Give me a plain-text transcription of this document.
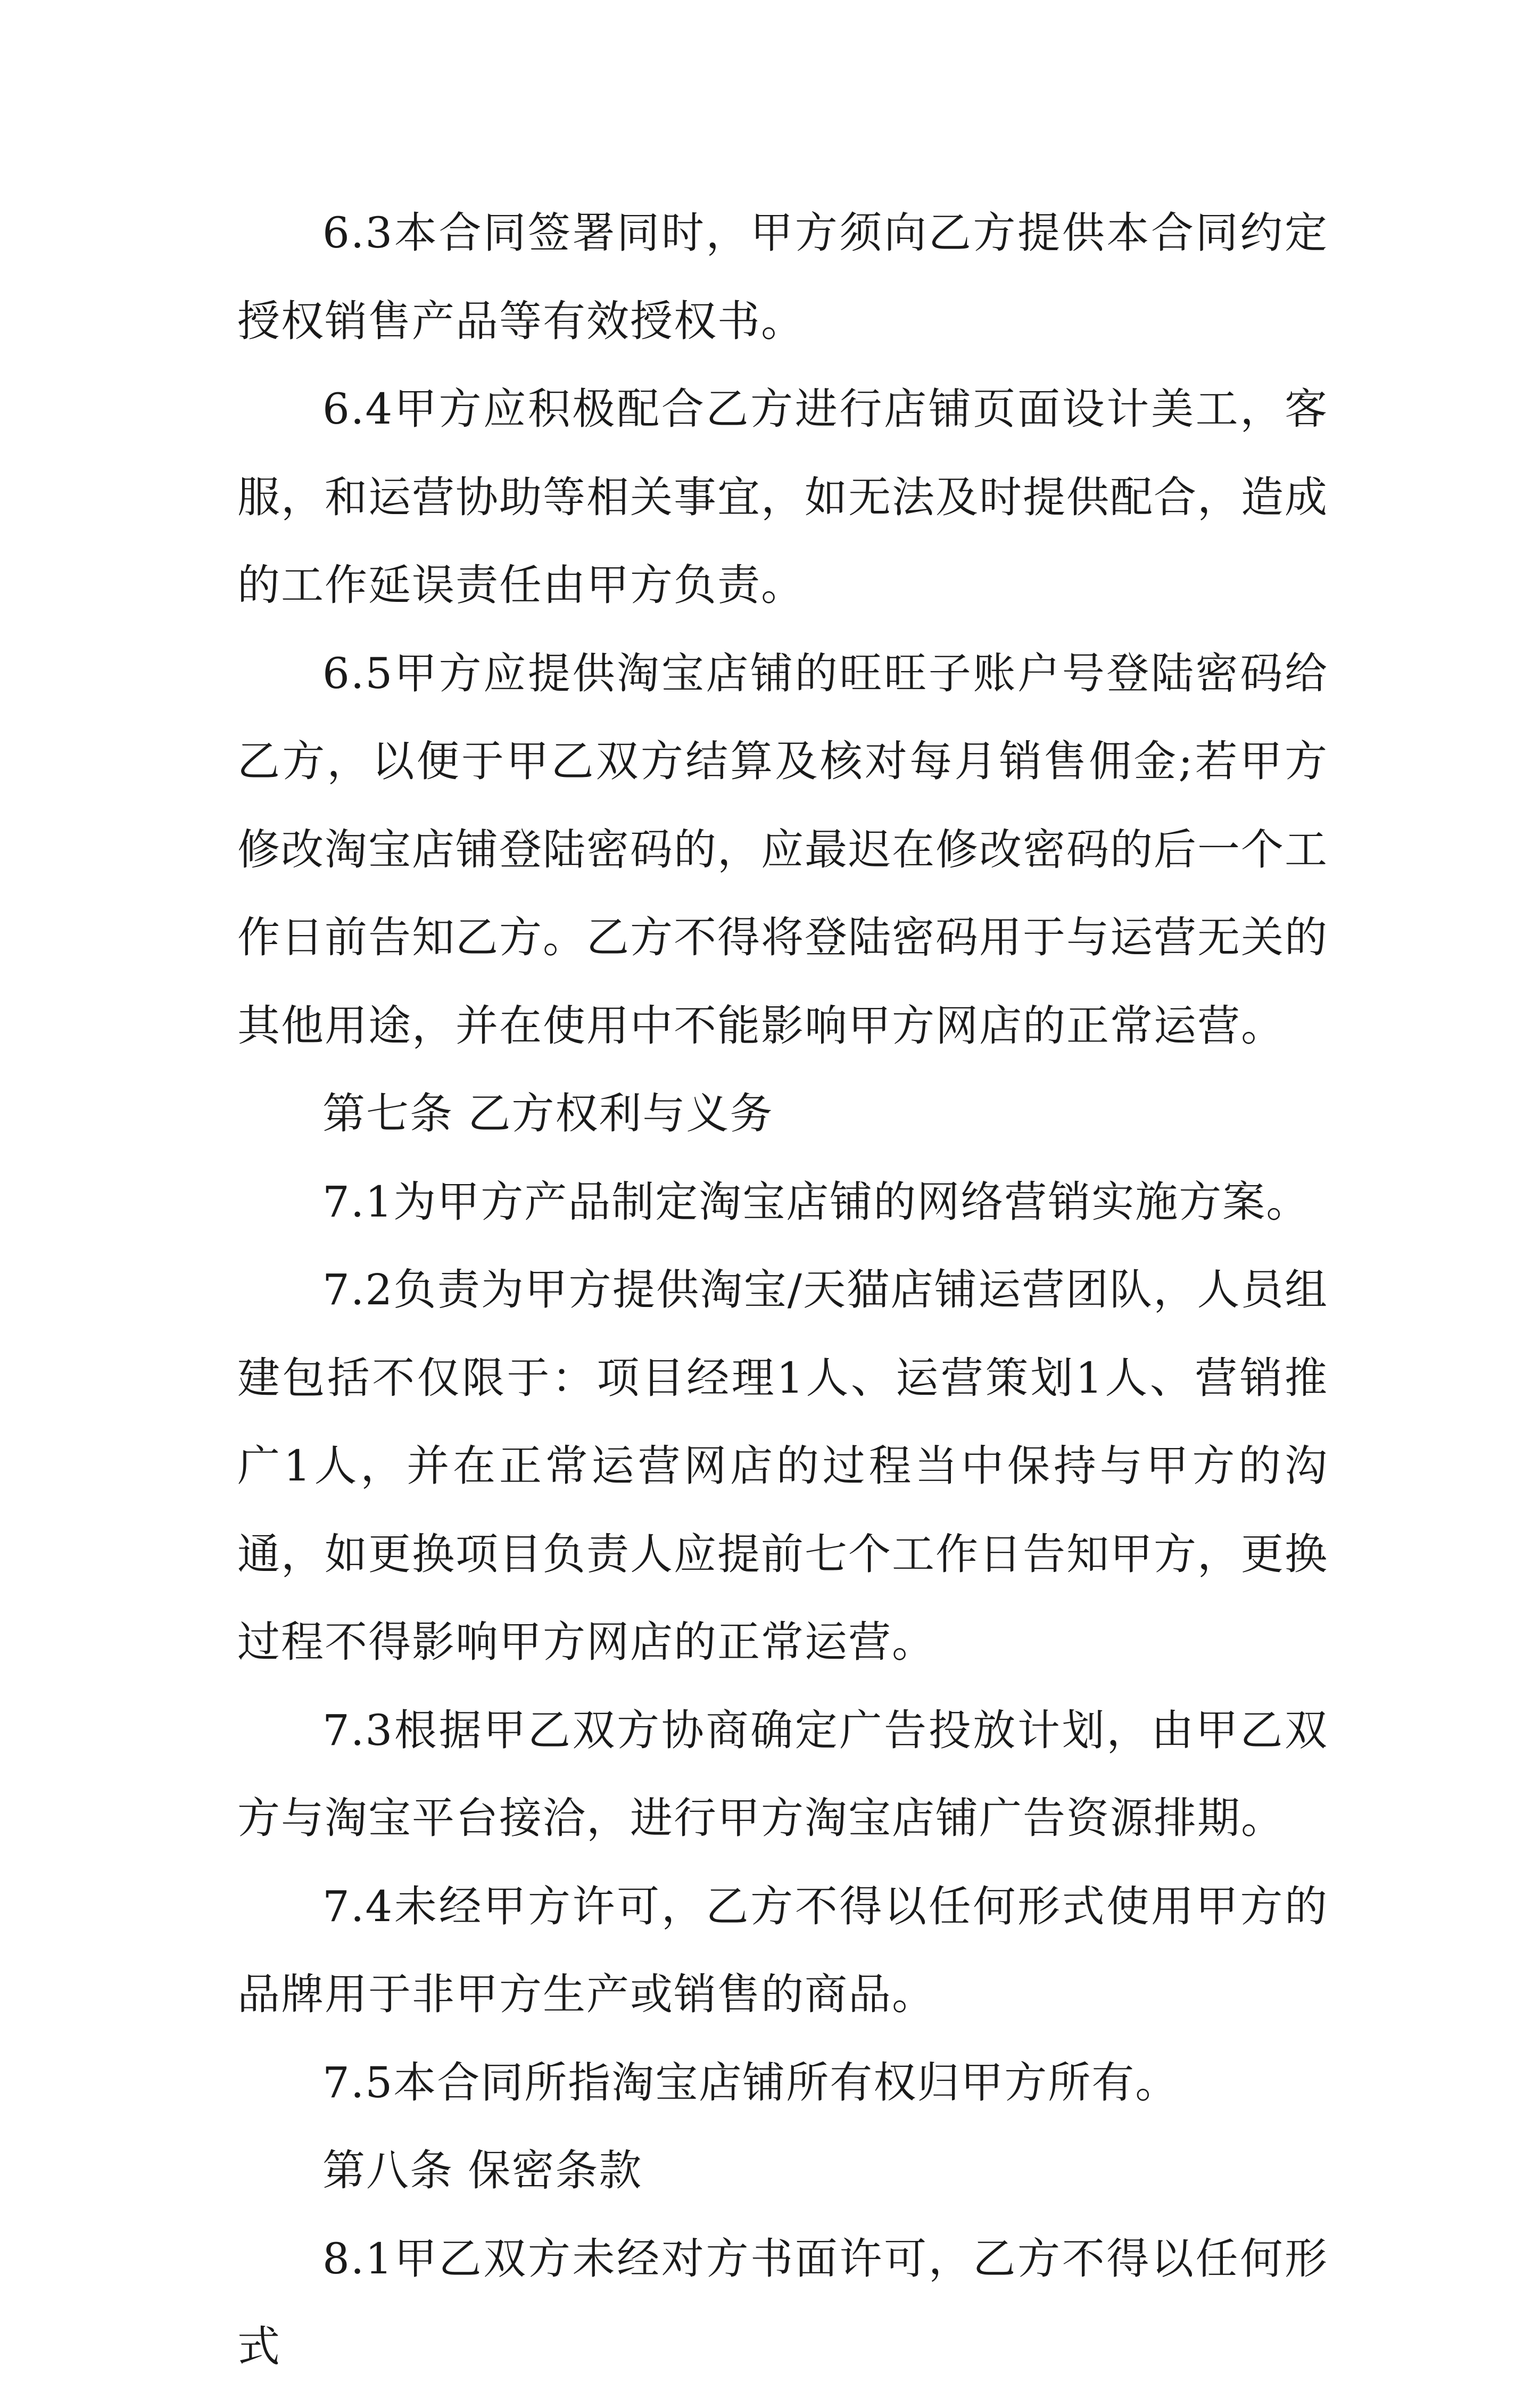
6.3本合同签署同时，甲方须向乙方提供本合同约定授权销售产品等有效授权书。

6.4甲方应积极配合乙方进行店铺页面设计美工，客服，和运营协助等相关事宜，如无法及时提供配合，造成的工作延误责任由甲方负责。

6.5甲方应提供淘宝店铺的旺旺子账户号登陆密码给乙方，以便于甲乙双方结算及核对每月销售佣金;若甲方修改淘宝店铺登陆密码的，应最迟在修改密码的后一个工作日前告知乙方。乙方不得将登陆密码用于与运营无关的其他用途，并在使用中不能影响甲方网店的正常运营。

第七条 乙方权利与义务

7.1为甲方产品制定淘宝店铺的网络营销实施方案。

7.2负责为甲方提供淘宝/天猫店铺运营团队，人员组建包括不仅限于：项目经理1人、运营策划1人、营销推广1人，并在正常运营网店的过程当中保持与甲方的沟通，如更换项目负责人应提前七个工作日告知甲方，更换过程不得影响甲方网店的正常运营。

7.3根据甲乙双方协商确定广告投放计划，由甲乙双方与淘宝平台接洽，进行甲方淘宝店铺广告资源排期。

7.4未经甲方许可，乙方不得以任何形式使用甲方的品牌用于非甲方生产或销售的商品。

7.5本合同所指淘宝店铺所有权归甲方所有。

第八条 保密条款

8.1甲乙双方未经对方书面许可，乙方不得以任何形式
